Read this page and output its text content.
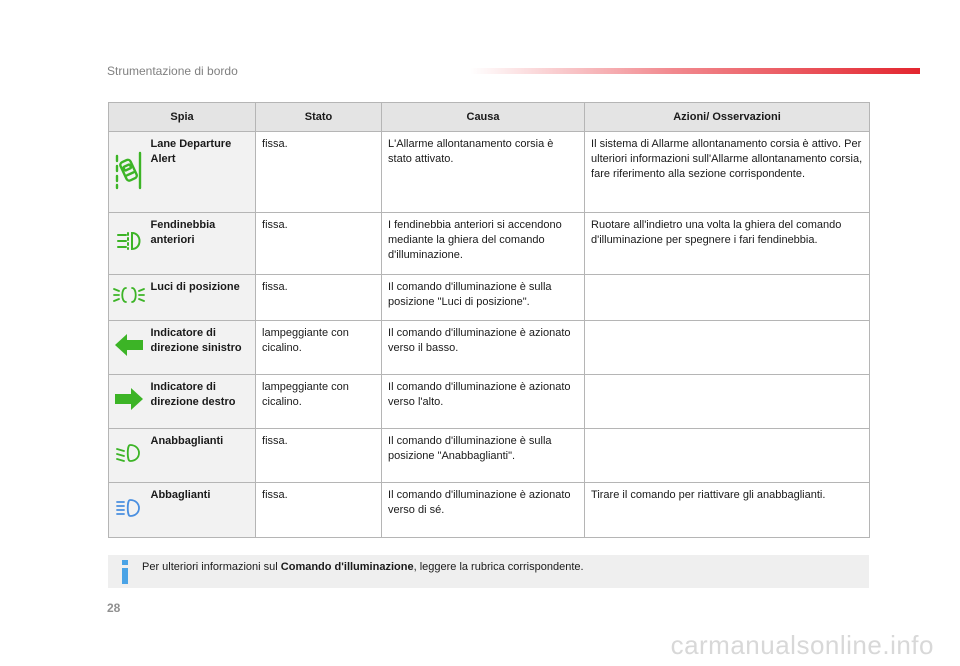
Strumentazione di bordo
Spia		Stato	Causa	Azioni/ Osservazioni
	Lane Departure Alert	fissa.	L'Allarme allontanamento corsia è stato attivato.	Il sistema di Allarme allontanamento corsia è attivo. Per ulteriori informazioni sull'Allarme allontanamento corsia, fare riferimento alla sezione corrispondente.
	Fendinebbia anteriori	fissa.	I fendinebbia anteriori si accendono mediante la ghiera del comando d'illuminazione.	Ruotare all'indietro una volta la ghiera del comando d'illuminazione per spegnere i fari fendinebbia.
	Luci di posizione	fissa.	Il comando d'illuminazione è sulla posizione "Luci di posizione".	
	Indicatore di direzione sinistro	lampeggiante con cicalino.	Il comando d'illuminazione è azionato verso il basso.	
	Indicatore di direzione destro	lampeggiante con cicalino.	Il comando d'illuminazione è azionato verso l'alto.	
	Anabbaglianti	fissa.	Il comando d'illuminazione è sulla posizione "Anabbaglianti".	
	Abbaglianti	fissa.	Il comando d'illuminazione è azionato verso di sé.	Tirare il comando per riattivare gli anabbaglianti.
Per ulteriori informazioni sul Comando d'illuminazione, leggere la rubrica corrispondente.
28
carmanualsonline.info
